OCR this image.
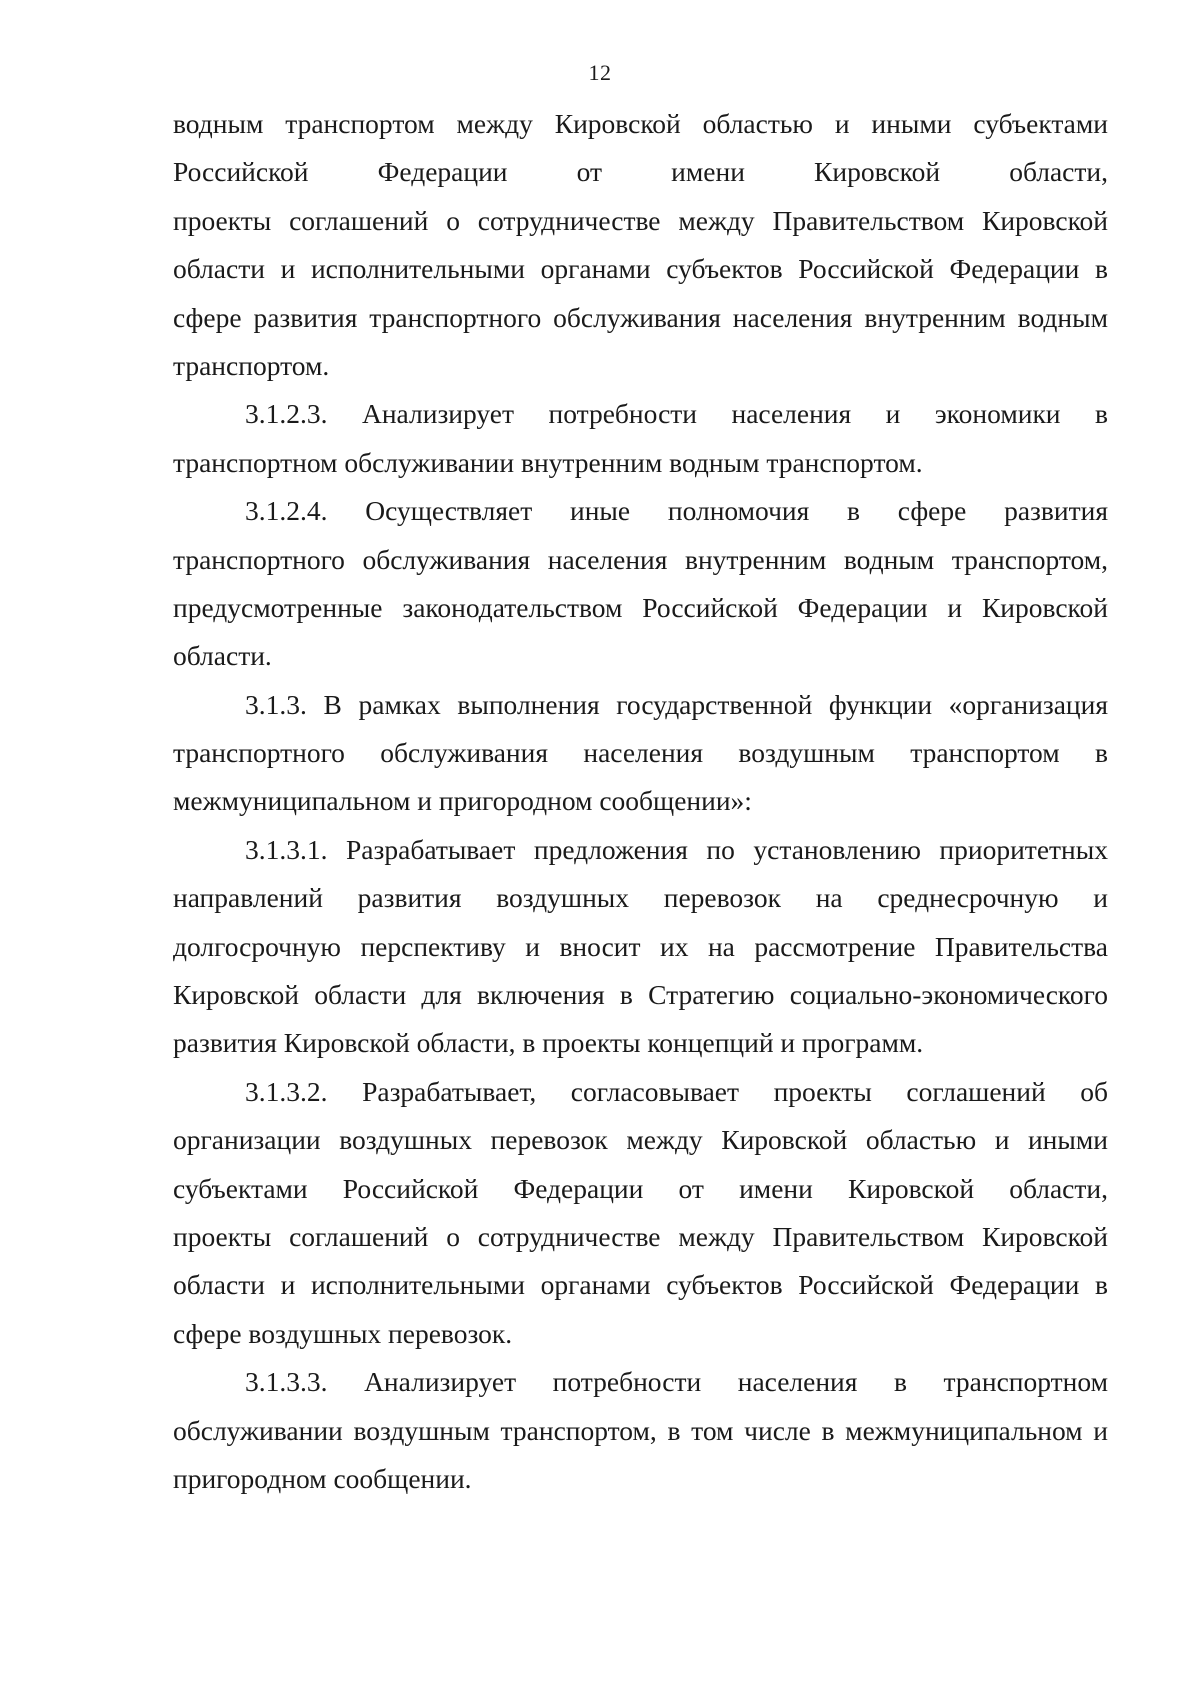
12
водным транспортом между Кировской областью и иными субъектами
Российской Федерации от имени Кировской области,
проекты соглашений о сотрудничестве между Правительством Кировской
области и исполнительными органами субъектов Российской Федерации в
сфере развития транспортного обслуживания населения внутренним водным
транспортом.
3.1.2.3. Анализирует потребности населения и экономики в
транспортном обслуживании внутренним водным транспортом.
3.1.2.4. Осуществляет иные полномочия в сфере развития
транспортного обслуживания населения внутренним водным транспортом,
предусмотренные законодательством Российской Федерации и Кировской
области.
3.1.3. В рамках выполнения государственной функции «организация
транспортного обслуживания населения воздушным транспортом в
межмуниципальном и пригородном сообщении»:
3.1.3.1. Разрабатывает предложения по установлению приоритетных
направлений развития воздушных перевозок на среднесрочную и
долгосрочную перспективу и вносит их на рассмотрение Правительства
Кировской области для включения в Стратегию социально-экономического
развития Кировской области, в проекты концепций и программ.
3.1.3.2. Разрабатывает, согласовывает проекты соглашений об
организации воздушных перевозок между Кировской областью и иными
субъектами Российской Федерации от имени Кировской области,
проекты соглашений о сотрудничестве между Правительством Кировской
области и исполнительными органами субъектов Российской Федерации в
сфере воздушных перевозок.
3.1.3.3. Анализирует потребности населения в транспортном
обслуживании воздушным транспортом, в том числе в межмуниципальном и
пригородном сообщении.
